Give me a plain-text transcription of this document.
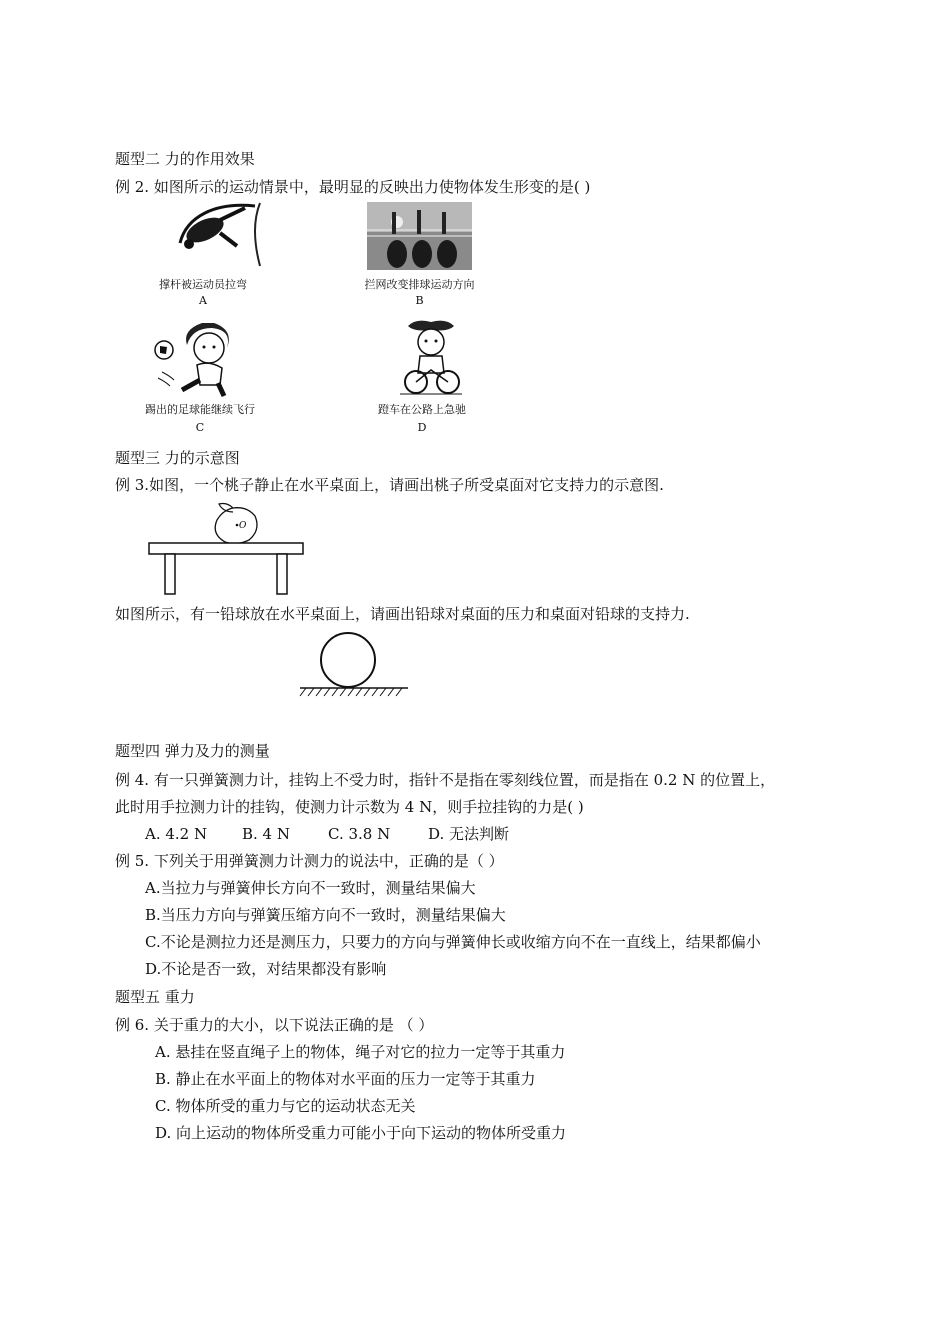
题型二 力的作用效果
例 2. 如图所示的运动情景中，最明显的反映出力使物体发生形变的是( )
撑杆被运动员拉弯
A
拦网改变排球运动方向
B
踢出的足球能继续飞行
C
蹬车在公路上急驰
D
题型三 力的示意图
例 3.如图，一个桃子静止在水平桌面上，请画出桃子所受桌面对它支持力的示意图.
O
如图所示，有一铅球放在水平桌面上，请画出铅球对桌面的压力和桌面对铅球的支持力.
题型四 弹力及力的测量
例 4. 有一只弹簧测力计，挂钩上不受力时，指针不是指在零刻线位置，而是指在 0.2 N 的位置上，
此时用手拉测力计的挂钩，使测力计示数为 4 N，则手拉挂钩的力是( )
A. 4.2 N B. 4 N	C. 3.8 N	D. 无法判断
例 5. 下列关于用弹簧测力计测力的说法中，正确的是（ ）
A.当拉力与弹簧伸长方向不一致时，测量结果偏大
B.当压力方向与弹簧压缩方向不一致时，测量结果偏大
C.不论是测拉力还是测压力，只要力的方向与弹簧伸长或收缩方向不在一直线上，结果都偏小
D.不论是否一致，对结果都没有影响
题型五 重力
例 6. 关于重力的大小，以下说法正确的是 （ ）
A. 悬挂在竖直绳子上的物体，绳子对它的拉力一定等于其重力
B. 静止在水平面上的物体对水平面的压力一定等于其重力
C. 物体所受的重力与它的运动状态无关
D. 向上运动的物体所受重力可能小于向下运动的物体所受重力
